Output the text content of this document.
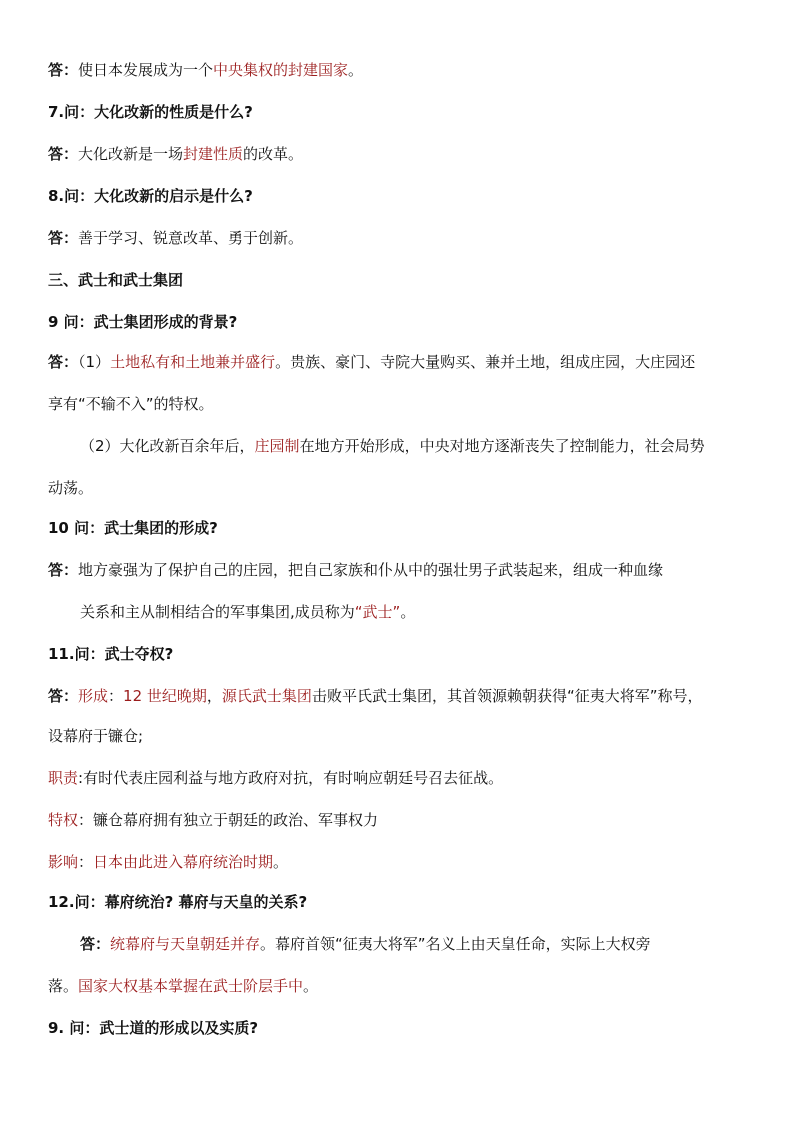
答：使日本发展成为一个中央集权的封建国家。
7.问：大化改新的性质是什么?
答：大化改新是一场封建性质的改革。
8.问：大化改新的启示是什么?
答：善于学习、锐意改革、勇于创新。
三、武士和武士集团
9 问：武士集团形成的背景?
答：（1）土地私有和土地兼并盛行。贵族、豪门、寺院大量购买、兼并土地，组成庄园，大庄园还
享有“不输不入”的特权。
（2）大化改新百余年后，庄园制在地方开始形成，中央对地方逐渐丧失了控制能力，社会局势
动荡。
10 问：武士集团的形成?
答：地方豪强为了保护自己的庄园，把自己家族和仆从中的强壮男子武装起来，组成一种血缘
关系和主从制相结合的军事集团,成员称为“武士”。
11.问：武士夺权?
答：形成：12 世纪晚期，源氏武士集团击败平氏武士集团，其首领源赖朝获得“征夷大将军”称号，
设幕府于镰仓;
职责:有时代表庄园利益与地方政府对抗，有时响应朝廷号召去征战。
特权：镰仓幕府拥有独立于朝廷的政治、军事权力
影响：日本由此进入幕府统治时期。
12.问：幕府统治? 幕府与天皇的关系?
答：统幕府与天皇朝廷并存。幕府首领“征夷大将军”名义上由天皇任命，实际上大权旁
落。国家大权基本掌握在武士阶层手中。
9. 问：武士道的形成以及实质?
